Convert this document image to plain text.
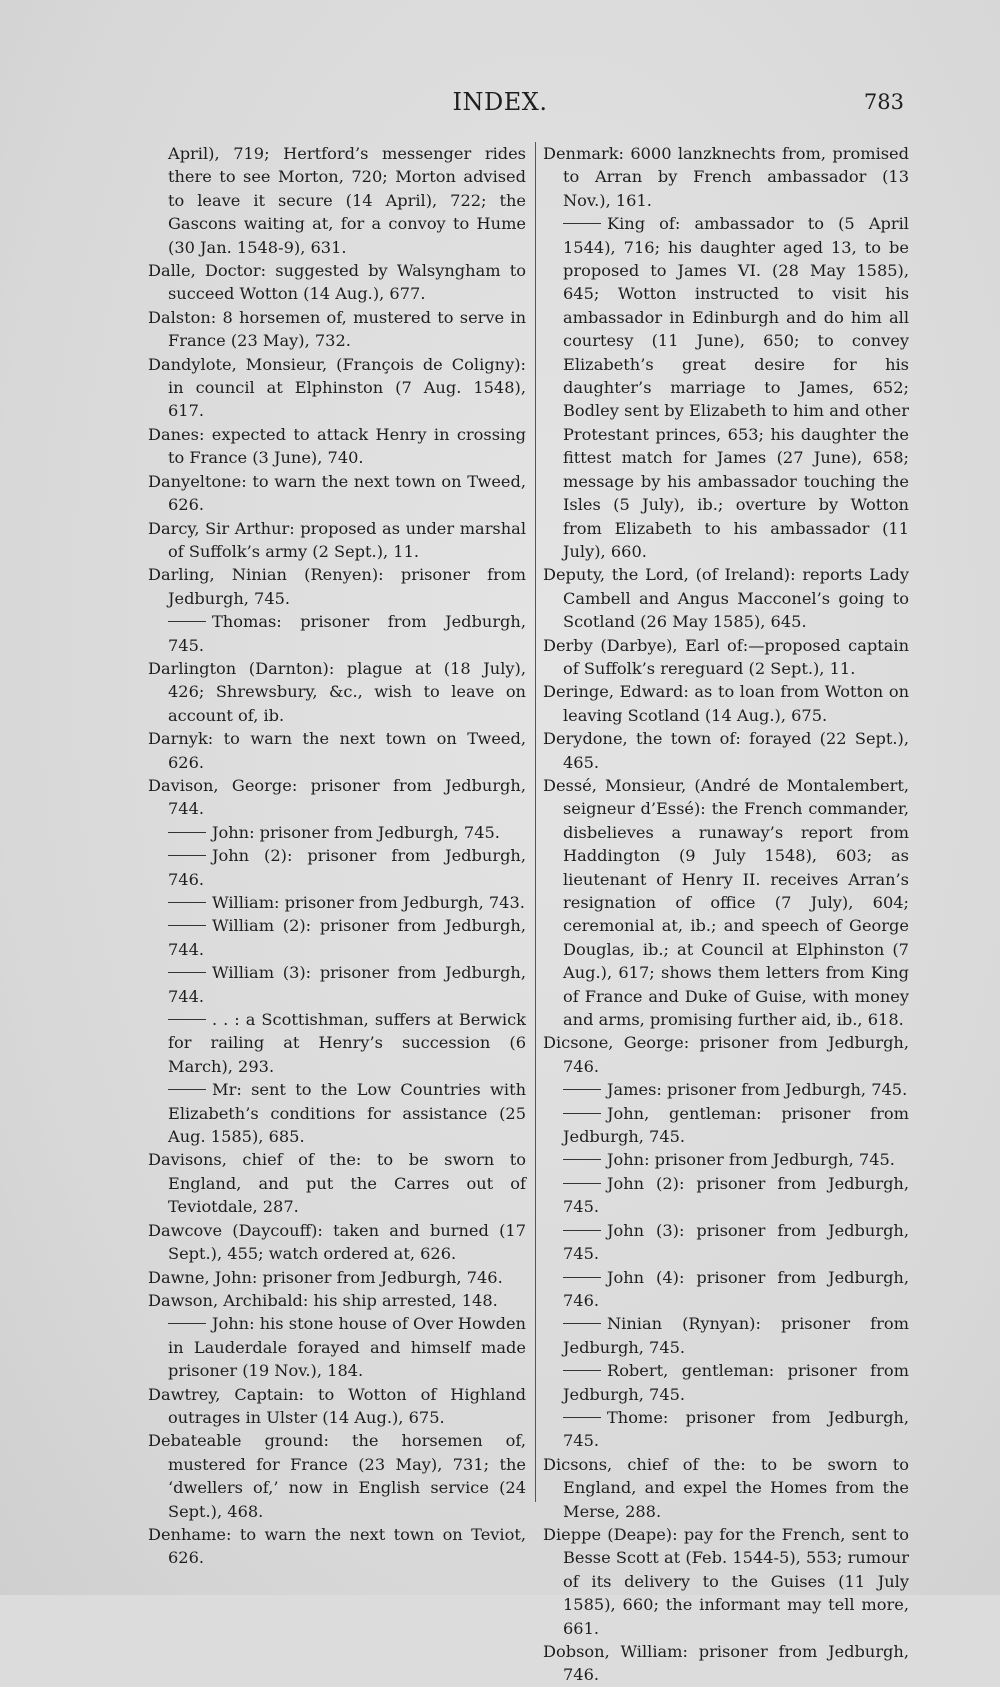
INDEX.	783

April), 719; Hertford’s messenger rides there to see Morton, 720; Morton advised to leave it secure (14 April), 722; the Gascons waiting at, for a convoy to Hume (30 Jan. 1548-9), 631.

Dalle, Doctor: suggested by Walsyngham to succeed Wotton (14 Aug.), 677.

Dalston: 8 horsemen of, mustered to serve in France (23 May), 732.

Dandylote, Monsieur, (François de Coligny): in council at Elphinston (7 Aug. 1548), 617.

Danes: expected to attack Henry in crossing to France (3 June), 740.

Danyeltone: to warn the next town on Tweed, 626.

Darcy, Sir Arthur: proposed as under marshal of Suffolk’s army (2 Sept.), 11.

Darling, Ninian (Renyen): prisoner from Jedburgh, 745.

Thomas: prisoner from Jedburgh, 745.

Darlington (Darnton): plague at (18 July), 426; Shrewsbury, &c., wish to leave on account of, ib.

Darnyk: to warn the next town on Tweed, 626.

Davison, George: prisoner from Jedburgh, 744.

John: prisoner from Jedburgh, 745.

John (2): prisoner from Jedburgh, 746.

William: prisoner from Jedburgh, 743.

William (2): prisoner from Jedburgh, 744.

William (3): prisoner from Jedburgh, 744.

. . : a Scottishman, suffers at Berwick for railing at Henry’s succession (6 March), 293.

Mr: sent to the Low Countries with Elizabeth’s conditions for assistance (25 Aug. 1585), 685.

Davisons, chief of the: to be sworn to England, and put the Carres out of Teviotdale, 287.

Dawcove (Daycouff): taken and burned (17 Sept.), 455; watch ordered at, 626.

Dawne, John: prisoner from Jedburgh, 746.

Dawson, Archibald: his ship arrested, 148.

John: his stone house of Over Howden in Lauderdale forayed and himself made prisoner (19 Nov.), 184.

Dawtrey, Captain: to Wotton of Highland outrages in Ulster (14 Aug.), 675.

Debateable ground: the horsemen of, mustered for France (23 May), 731; the ‘dwellers of,’ now in English service (24 Sept.), 468.

Denhame: to warn the next town on Teviot, 626.

Denmark: 6000 lanzknechts from, promised to Arran by French ambassador (13 Nov.), 161.

King of: ambassador to (5 April 1544), 716; his daughter aged 13, to be proposed to James VI. (28 May 1585), 645; Wotton instructed to visit his ambassador in Edinburgh and do him all courtesy (11 June), 650; to convey Elizabeth’s great desire for his daughter’s marriage to James, 652; Bodley sent by Elizabeth to him and other Protestant princes, 653; his daughter the fittest match for James (27 June), 658; message by his ambassador touching the Isles (5 July), ib.; overture by Wotton from Elizabeth to his ambassador (11 July), 660.

Deputy, the Lord, (of Ireland): reports Lady Cambell and Angus Macconel’s going to Scotland (26 May 1585), 645.

Derby (Darbye), Earl of:—proposed captain of Suffolk’s rereguard (2 Sept.), 11.

Deringe, Edward: as to loan from Wotton on leaving Scotland (14 Aug.), 675.

Derydone, the town of: forayed (22 Sept.), 465.

Dessé, Monsieur, (André de Montalembert, seigneur d’Essé): the French commander, disbelieves a runaway’s report from Haddington (9 July 1548), 603; as lieutenant of Henry II. receives Arran’s resignation of office (7 July), 604; ceremonial at, ib.; and speech of George Douglas, ib.; at Council at Elphinston (7 Aug.), 617; shows them letters from King of France and Duke of Guise, with money and arms, promising further aid, ib., 618.

Dicsone, George: prisoner from Jedburgh, 746.

James: prisoner from Jedburgh, 745.

John, gentleman: prisoner from Jedburgh, 745.

John: prisoner from Jedburgh, 745.

John (2): prisoner from Jedburgh, 745.

John (3): prisoner from Jedburgh, 745.

John (4): prisoner from Jedburgh, 746.

Ninian (Rynyan): prisoner from Jedburgh, 745.

Robert, gentleman: prisoner from Jedburgh, 745.

Thome: prisoner from Jedburgh, 745.

Dicsons, chief of the: to be sworn to England, and expel the Homes from the Merse, 288.

Dieppe (Deape): pay for the French, sent to Besse Scott at (Feb. 1544-5), 553; rumour of its delivery to the Guises (11 July 1585), 660; the informant may tell more, 661.

Dobson, William: prisoner from Jedburgh, 746.
